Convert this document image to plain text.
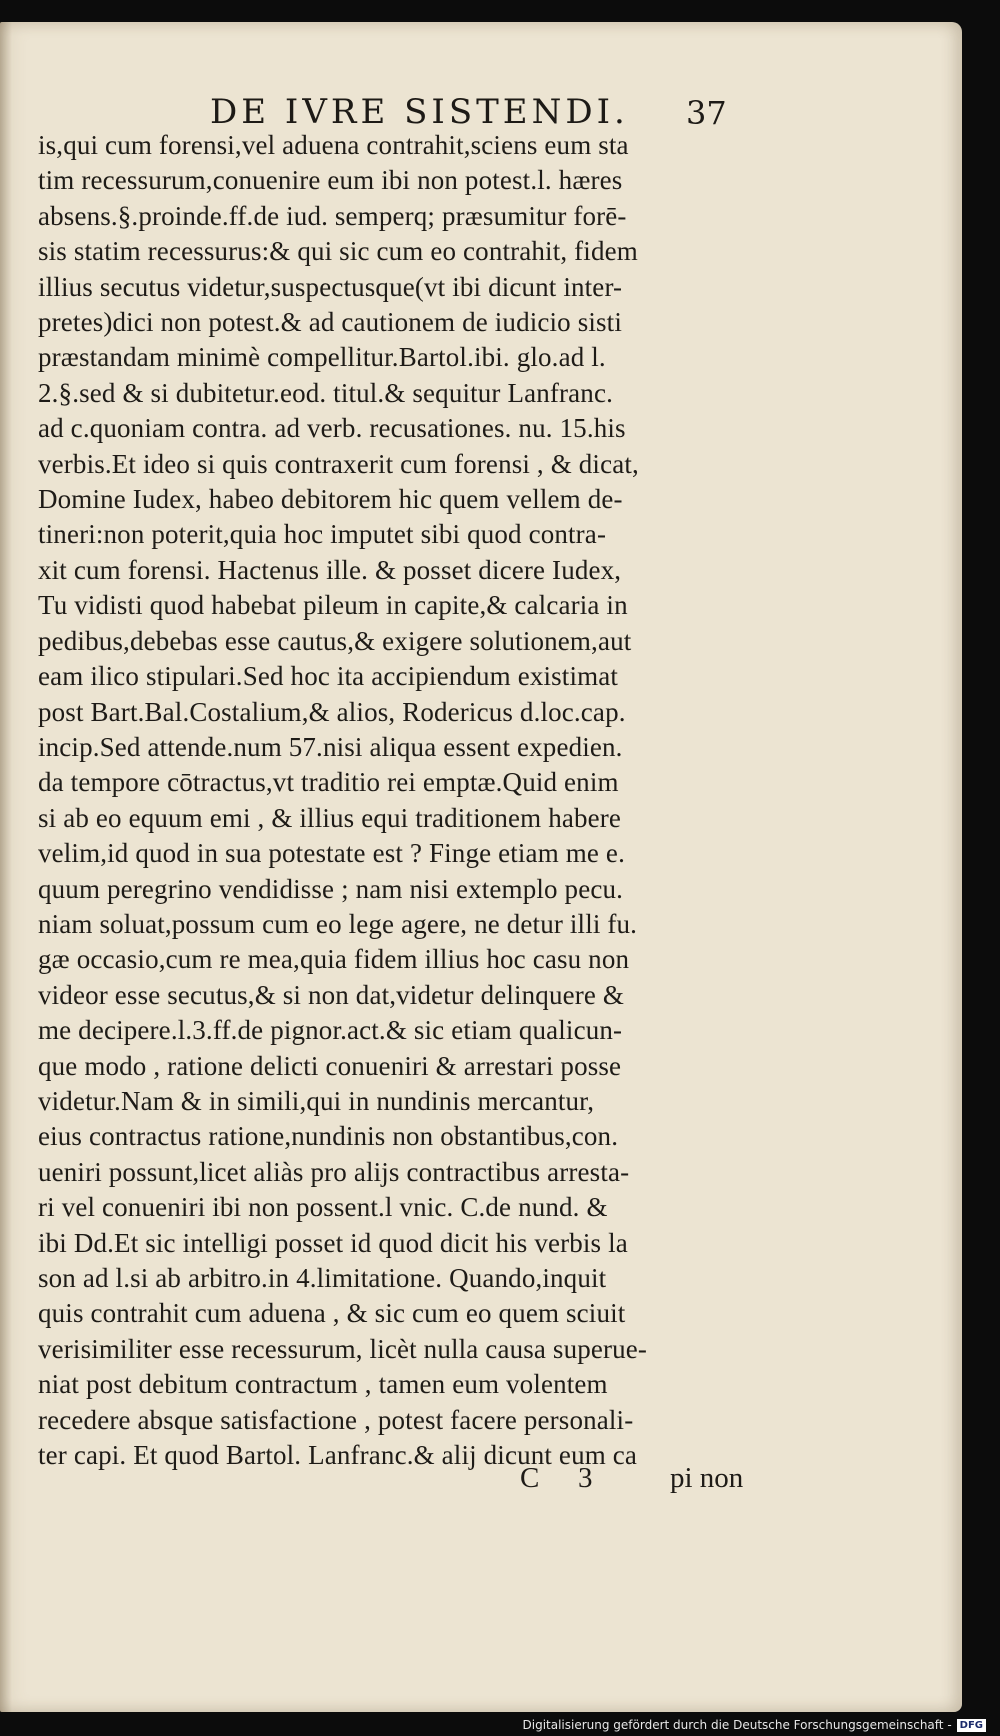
DE IVRE SISTENDI. 37
is,qui cum forensi,vel aduena contrahit,sciens eum sta
tim recessurum,conuenire eum ibi non potest.l. hæres
absens.§.proinde.ff.de iud. semperq; præsumitur forē-
sis statim recessurus:& qui sic cum eo contrahit, fidem
illius secutus videtur,suspectusque(vt ibi dicunt inter-
pretes)dici non potest.& ad cautionem de iudicio sisti
præstandam minimè compellitur.Bartol.ibi. glo.ad l.
2.§.sed & si dubitetur.eod. titul.& sequitur Lanfranc.
ad c.quoniam contra. ad verb. recusationes. nu. 15.his
verbis.Et ideo si quis contraxerit cum forensi , & dicat,
Domine Iudex, habeo debitorem hic quem vellem de-
tineri:non poterit,quia hoc imputet sibi quod contra-
xit cum forensi. Hactenus ille. & posset dicere Iudex,
Tu vidisti quod habebat pileum in capite,& calcaria in
pedibus,debebas esse cautus,& exigere solutionem,aut
eam ilico stipulari.Sed hoc ita accipiendum existimat
post Bart.Bal.Costalium,& alios, Rodericus d.loc.cap.
incip.Sed attende.num 57.nisi aliqua essent expedien.
da tempore cōtractus,vt traditio rei emptæ.Quid enim
si ab eo equum emi , & illius equi traditionem habere
velim,id quod in sua potestate est ? Finge etiam me e.
quum peregrino vendidisse ; nam nisi extemplo pecu.
niam soluat,possum cum eo lege agere, ne detur illi fu.
gæ occasio,cum re mea,quia fidem illius hoc casu non
videor esse secutus,& si non dat,videtur delinquere &
me decipere.l.3.ff.de pignor.act.& sic etiam qualicun-
que modo , ratione delicti conueniri & arrestari posse
videtur.Nam & in simili,qui in nundinis mercantur,
eius contractus ratione,nundinis non obstantibus,con.
ueniri possunt,licet aliàs pro alijs contractibus arresta-
ri vel conueniri ibi non possent.l vnic. C.de nund. &
ibi Dd.Et sic intelligi posset id quod dicit his verbis la
son ad l.si ab arbitro.in 4.limitatione. Quando,inquit
quis contrahit cum aduena , & sic cum eo quem sciuit
verisimiliter esse recessurum, licèt nulla causa superue-
niat post debitum contractum , tamen eum volentem
recedere absque satisfactione , potest facere personali-
ter capi. Et quod Bartol. Lanfranc.& alij dicunt eum ca
C 3	pi non
Digitalisierung gefördert durch die Deutsche Forschungsgemeinschaft - DFG
